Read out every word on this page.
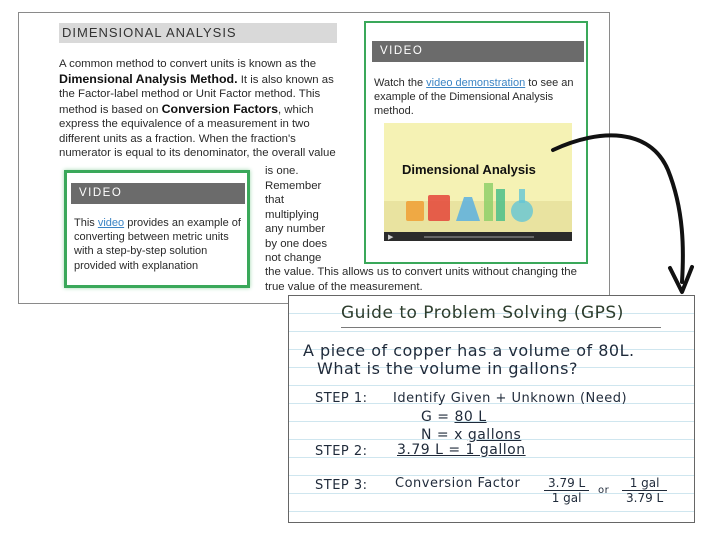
DIMENSIONAL ANALYSIS
A common method to convert units is known as the Dimensional Analysis Method. It is also known as the Factor-label method or Unit Factor method. This method is based on Conversion Factors, which express the equivalence of a measurement in two different units as a fraction. When the fraction's numerator is equal to its denominator, the overall value
is one. Remember that multiplying any number by one does not change
the value. This allows us to convert units without changing the true value of the measurement.
VIDEO
Watch the video demonstration to see an example of the Dimensional Analysis method.
Dimensional Analysis
▶
VIDEO
This video provides an example of converting between metric units with a step-by-step solution provided with explanation
Guide to Problem Solving (GPS)
A piece of copper has a volume of 80L.
What is the volume in gallons?
STEP 1: Identify Given + Unknown (Need)
G = 80 L
N = x gallons
STEP 2: 3.79 L = 1 gallon
STEP 3: Conversion Factor	3.79 L
1 gal
or
1 gal
3.79 L
